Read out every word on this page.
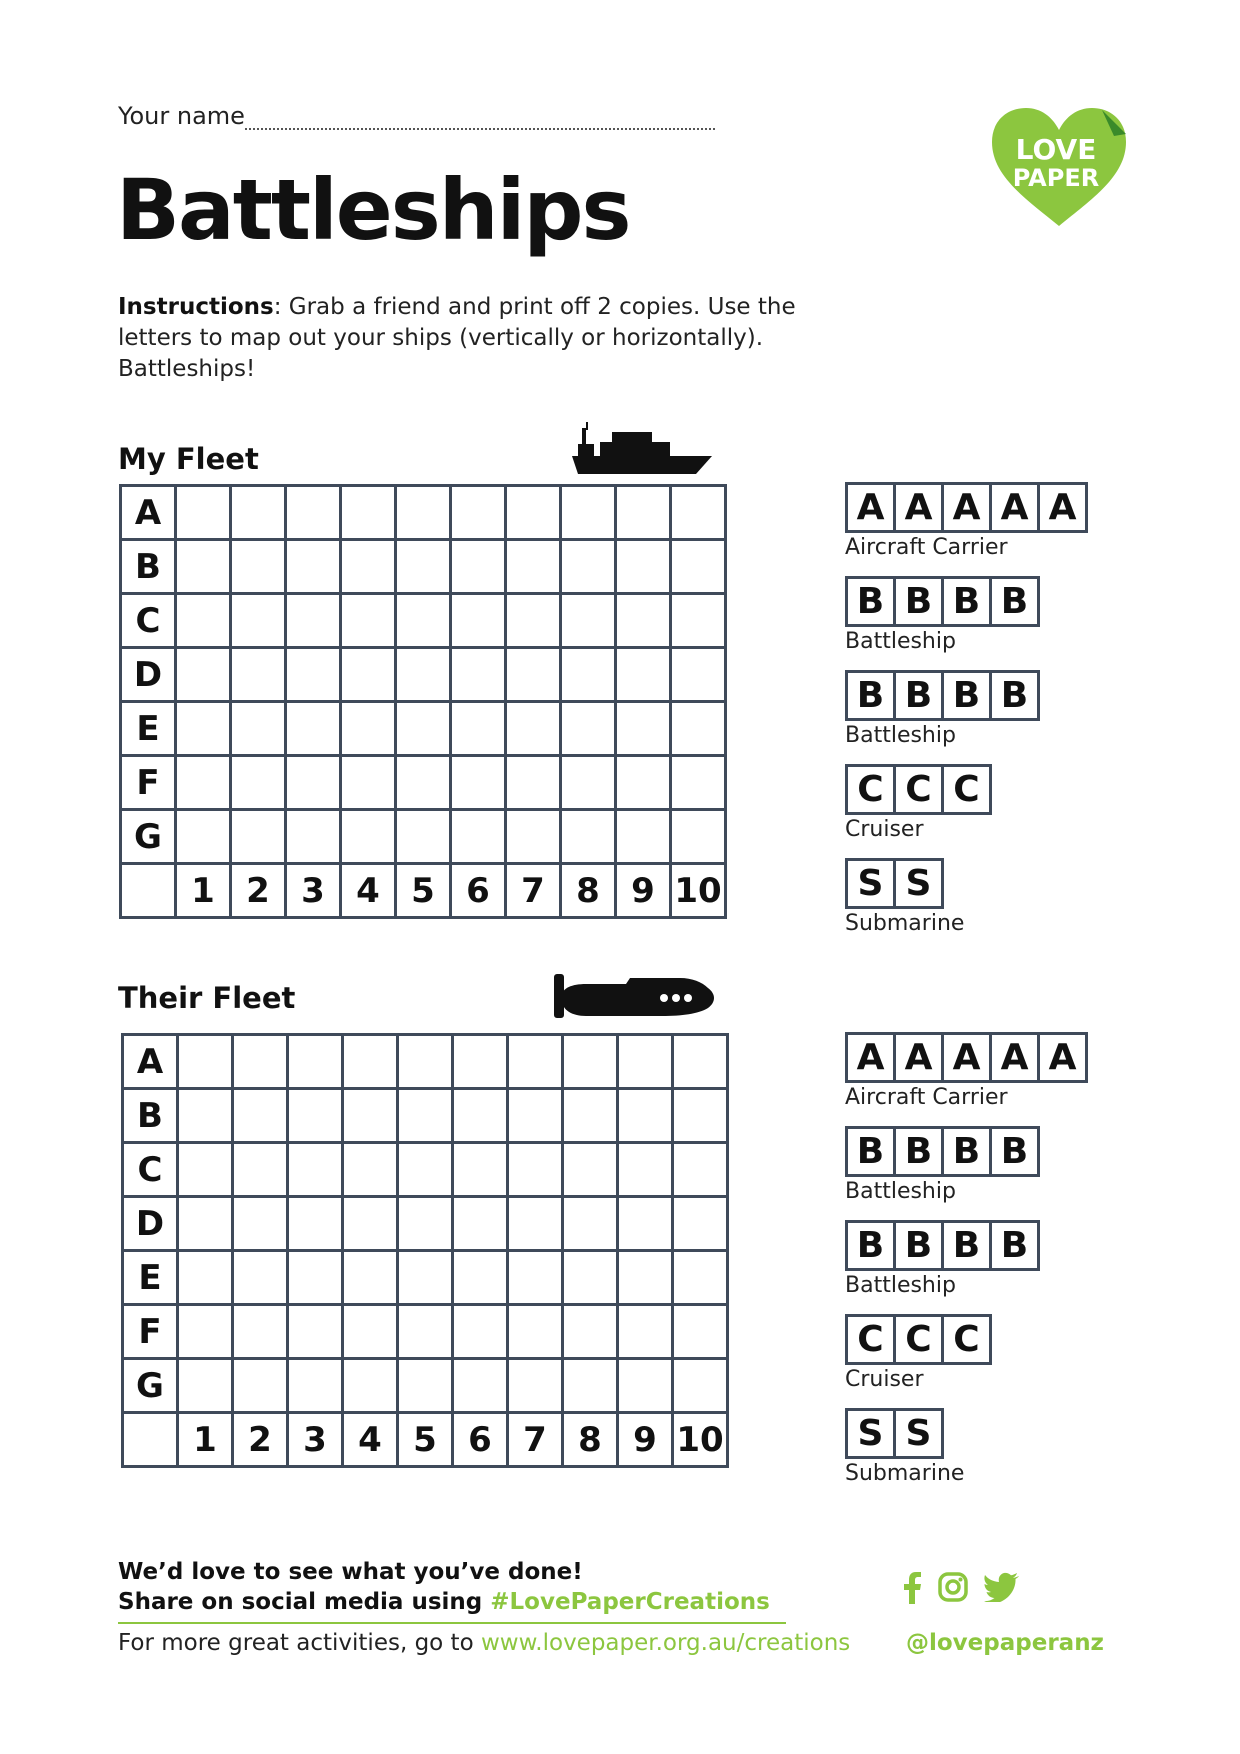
Your name
Battleships
Instructions: Grab a friend and print off 2 copies. Use the letters to map out your ships (vertically or horizontally). Battleships!
LOVE
PAPER
My Fleet
A										
B										
C										
D										
E										
F										
G										
	1	2	3	4	5	6	7	8	9	10
Their Fleet
A										
B										
C										
D										
E										
F										
G										
	1	2	3	4	5	6	7	8	9	10
A A A A A
Aircraft Carrier
B B B B
Battleship
B B B B
Battleship
C C C
Cruiser
S S
Submarine
A A A A A
Aircraft Carrier
B B B B
Battleship
B B B B
Battleship
C C C
Cruiser
S S
Submarine
We’d love to see what you’ve done!
Share on social media using #LovePaperCreations
For more great activities, go to www.lovepaper.org.au/creations @lovepaperanz
